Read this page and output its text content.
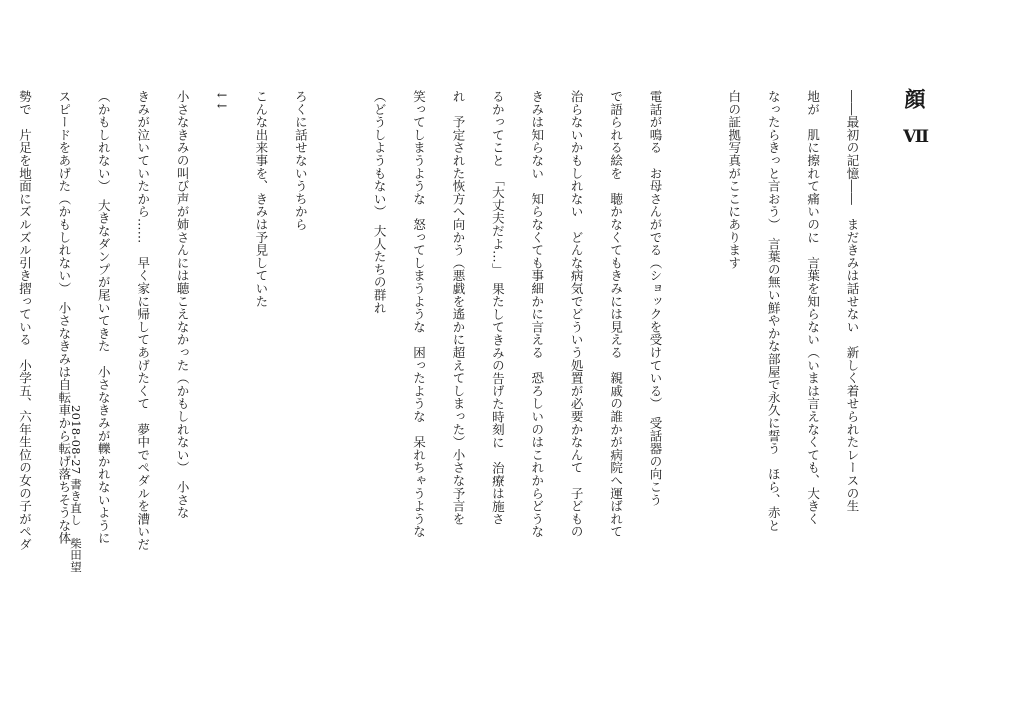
顔
Ⅶ
――最初の記憶――　まだきみは話せない　新しく着せられたレースの生

地が　肌に擦れて痛いのに　言葉を知らない（いまは言えなくても、大きく

なったらきっと言おう）　言葉の無い鮮やかな部屋で永久に誓う　ほら、赤と

白の証拠写真がここにあります

電話が鳴る　お母さんがでる（ショックを受けている）　受話器の向こう

で語られる絵を　聴かなくてもきみには見える　親戚の誰かが病院へ運ばれて

治らないかもしれない　どんな病気でどういう処置が必要かなんて　子どもの

きみは知らない　知らなくても事細かに言える　恐ろしいのはこれからどうな

るかってこと　「大丈夫だよ…」　果たしてきみの告げた時刻に　治療は施さ

れ　予定された恢方へ向かう（悪戯を遙かに超えてしまった）小さな予言を

笑ってしまうような　怒ってしまうような　困ったような　呆れちゃうような

（どうしようもない）　大人たちの群れ

ろくに話せないうちから

こんな出来事を、きみは予見していた

↓↓

小さなきみの叫び声が姉さんには聴こえなかった（かもしれない）　小さな

きみが泣いていたから……　早く家に帰してあげたくて　夢中でペダルを漕いだ

（かもしれない）　大きなダンプが尾いてきた　小さなきみが轢かれないように

スピードをあげた（かもしれない）　小さなきみは自転車から転げ落ちそうな体

勢で　片足を地面にズルズル引き摺っている　小学五、六年生位の女の子がペダ	2018-08-27 書き直し　柴田望
